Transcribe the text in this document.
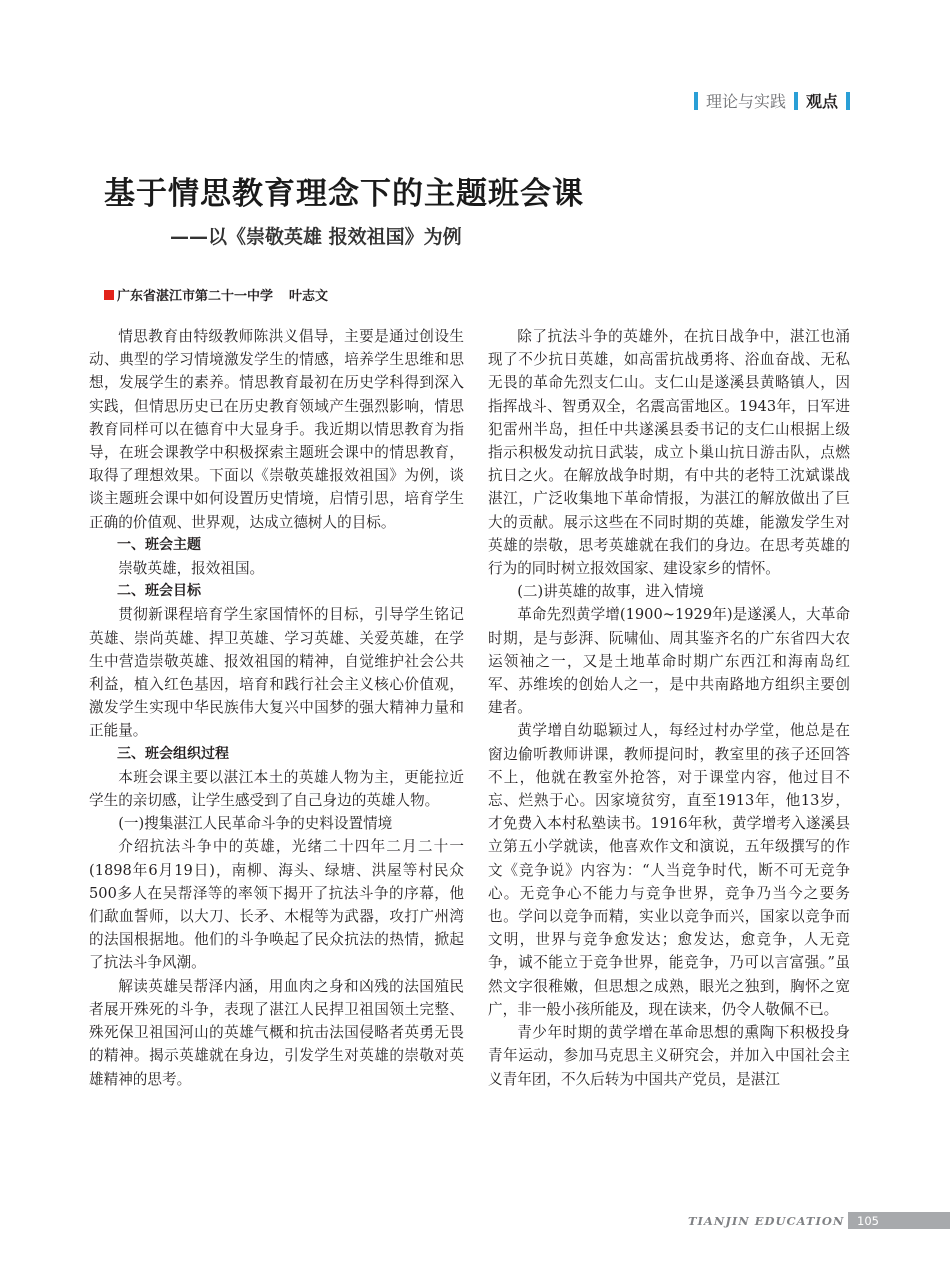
理论与实践 观点
基于情思教育理念下的主题班会课
——以《崇敬英雄 报效祖国》为例
广东省湛江市第二十一中学 叶志文

情思教育由特级教师陈洪义倡导，主要是通过创设生动、典型的学习情境激发学生的情感，培养学生思维和思想，发展学生的素养。情思教育最初在历史学科得到深入实践，但情思历史已在历史教育领域产生强烈影响，情思教育同样可以在德育中大显身手。我近期以情思教育为指导，在班会课教学中积极探索主题班会课中的情思教育，取得了理想效果。下面以《崇敬英雄报效祖国》为例，谈谈主题班会课中如何设置历史情境，启情引思，培育学生正确的价值观、世界观，达成立德树人的目标。

一、班会主题

崇敬英雄，报效祖国。

二、班会目标

贯彻新课程培育学生家国情怀的目标，引导学生铭记英雄、崇尚英雄、捍卫英雄、学习英雄、关爱英雄，在学生中营造崇敬英雄、报效祖国的精神，自觉维护社会公共利益，植入红色基因，培育和践行社会主义核心价值观，激发学生实现中华民族伟大复兴中国梦的强大精神力量和正能量。

三、班会组织过程

本班会课主要以湛江本土的英雄人物为主，更能拉近学生的亲切感，让学生感受到了自己身边的英雄人物。

(一)搜集湛江人民革命斗争的史料设置情境

介绍抗法斗争中的英雄，光绪二十四年二月二十一(1898年6月19日)，南柳、海头、绿塘、洪屋等村民众500多人在吴帮泽等的率领下揭开了抗法斗争的序幕，他们歃血誓师，以大刀、长矛、木棍等为武器，攻打广州湾的法国根据地。他们的斗争唤起了民众抗法的热情，掀起了抗法斗争风潮。

解读英雄吴帮泽内涵，用血肉之身和凶残的法国殖民者展开殊死的斗争，表现了湛江人民捍卫祖国领土完整、殊死保卫祖国河山的英雄气概和抗击法国侵略者英勇无畏的精神。揭示英雄就在身边，引发学生对英雄的崇敬对英雄精神的思考。

除了抗法斗争的英雄外，在抗日战争中，湛江也涌现了不少抗日英雄，如高雷抗战勇将、浴血奋战、无私无畏的革命先烈支仁山。支仁山是遂溪县黄略镇人，因指挥战斗、智勇双全，名震高雷地区。1943年，日军进犯雷州半岛，担任中共遂溪县委书记的支仁山根据上级指示积极发动抗日武装，成立卜巢山抗日游击队，点燃抗日之火。在解放战争时期，有中共的老特工沈斌谍战湛江，广泛收集地下革命情报，为湛江的解放做出了巨大的贡献。展示这些在不同时期的英雄，能激发学生对英雄的崇敬，思考英雄就在我们的身边。在思考英雄的行为的同时树立报效国家、建设家乡的情怀。

(二)讲英雄的故事，进入情境

革命先烈黄学增(1900~1929年)是遂溪人，大革命时期，是与彭湃、阮啸仙、周其鉴齐名的广东省四大农运领袖之一，又是土地革命时期广东西江和海南岛红军、苏维埃的创始人之一，是中共南路地方组织主要创建者。

黄学增自幼聪颖过人，每经过村办学堂，他总是在窗边偷听教师讲课，教师提问时，教室里的孩子还回答不上，他就在教室外抢答，对于课堂内容，他过目不忘、烂熟于心。因家境贫穷，直至1913年，他13岁，才免费入本村私塾读书。1916年秋，黄学增考入遂溪县立第五小学就读，他喜欢作文和演说，五年级撰写的作文《竞争说》内容为：“人当竞争时代，断不可无竞争心。无竞争心不能力与竞争世界，竞争乃当今之要务也。学问以竞争而精，实业以竞争而兴，国家以竞争而文明，世界与竞争愈发达；愈发达，愈竞争，人无竞争，诚不能立于竞争世界，能竞争，乃可以言富强。”虽然文字很稚嫩，但思想之成熟，眼光之独到，胸怀之宽广，非一般小孩所能及，现在读来，仍令人敬佩不已。

青少年时期的黄学增在革命思想的熏陶下积极投身青年运动，参加马克思主义研究会，并加入中国社会主义青年团，不久后转为中国共产党员，是湛江

TIANJIN EDUCATION 105
